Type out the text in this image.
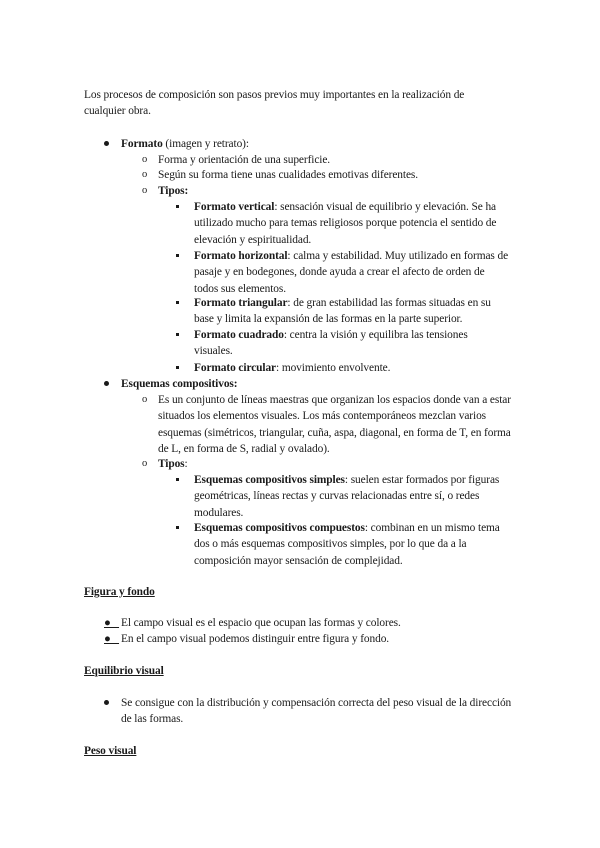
Los procesos de composición son pasos previos muy importantes en la realización de cualquier obra.

Formato (imagen y retrato):
o Forma y orientación de una superficie.
o Según su forma tiene unas cualidades emotivas diferentes.
o Tipos:
Formato vertical: sensación visual de equilibrio y elevación. Se ha utilizado mucho para temas religiosos porque potencia el sentido de elevación y espiritualidad.
Formato horizontal: calma y estabilidad. Muy utilizado en formas de pasaje y en bodegones, donde ayuda a crear el afecto de orden de todos sus elementos.
Formato triangular: de gran estabilidad las formas situadas en su base y limita la expansión de las formas en la parte superior.
Formato cuadrado: centra la visión y equilibra las tensiones visuales.
Formato circular: movimiento envolvente.
Esquemas compositivos:
o Es un conjunto de líneas maestras que organizan los espacios donde van a estar situados los elementos visuales. Los más contemporáneos mezclan varios esquemas (simétricos, triangular, cuña, aspa, diagonal, en forma de T, en forma de L, en forma de S, radial y ovalado).
o Tipos:
Esquemas compositivos simples: suelen estar formados por figuras geométricas, líneas rectas y curvas relacionadas entre sí, o redes modulares.
Esquemas compositivos compuestos: combinan en un mismo tema dos o más esquemas compositivos simples, por lo que da a la composición mayor sensación de complejidad.
Figura y fondo
● El campo visual es el espacio que ocupan las formas y colores.
● En el campo visual podemos distinguir entre figura y fondo.
Equilibrio visual
Se consigue con la distribución y compensación correcta del peso visual de la dirección de las formas.
Peso visual
